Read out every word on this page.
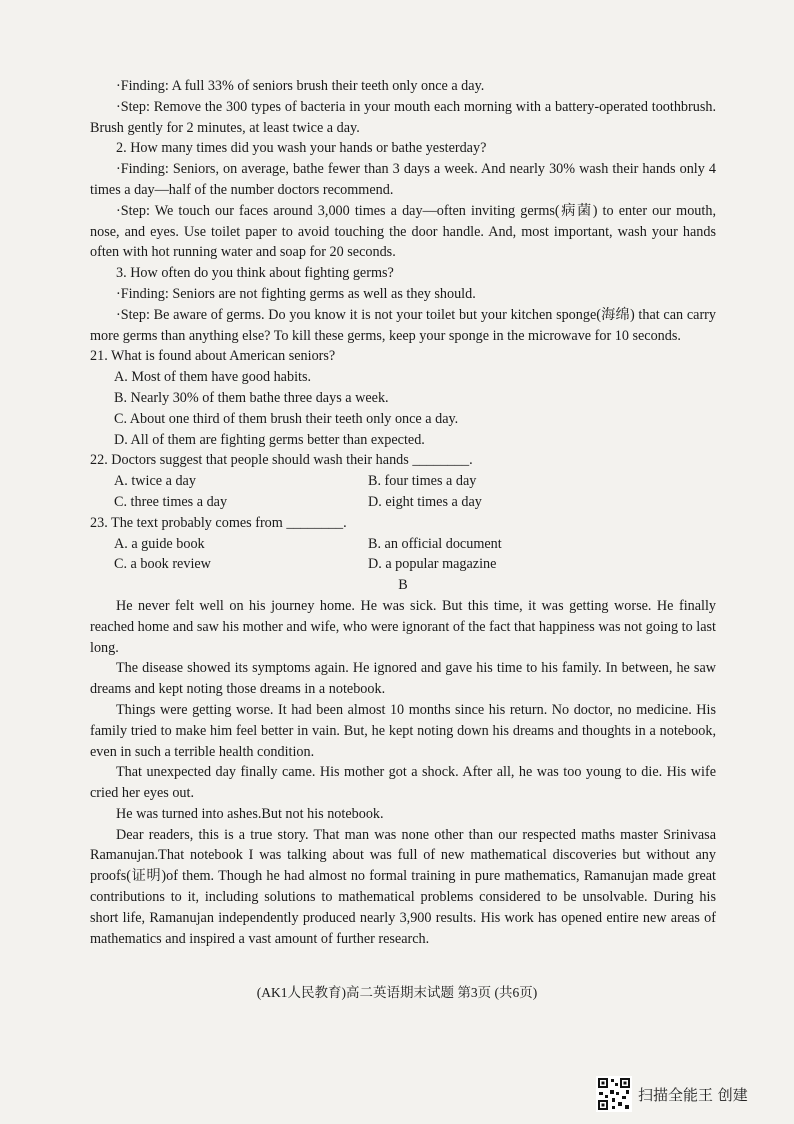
·Finding: A full 33% of seniors brush their teeth only once a day.

·Step: Remove the 300 types of bacteria in your mouth each morning with a battery-operated toothbrush. Brush gently for 2 minutes, at least twice a day.

2. How many times did you wash your hands or bathe yesterday?

·Finding: Seniors, on average, bathe fewer than 3 days a week. And nearly 30% wash their hands only 4 times a day—half of the number doctors recommend.

·Step: We touch our faces around 3,000 times a day—often inviting germs(病菌) to enter our mouth, nose, and eyes. Use toilet paper to avoid touching the door handle. And, most important, wash your hands often with hot running water and soap for 20 seconds.

3. How often do you think about fighting germs?

·Finding: Seniors are not fighting germs as well as they should.

·Step: Be aware of germs. Do you know it is not your toilet but your kitchen sponge(海绵) that can carry more germs than anything else? To kill these germs, keep your sponge in the microwave for 10 seconds.

21. What is found about American seniors?

A. Most of them have good habits.

B. Nearly 30% of them bathe three days a week.

C. About one third of them brush their teeth only once a day.

D. All of them are fighting germs better than expected.

22. Doctors suggest that people should wash their hands ________.

A. twice a day	B. four times a day
C. three times a day	D. eight times a day

23. The text probably comes from ________.

A. a guide book	B. an official document
C. a book review	D. a popular magazine

B

He never felt well on his journey home. He was sick. But this time, it was getting worse. He finally reached home and saw his mother and wife, who were ignorant of the fact that happiness was not going to last long.

The disease showed its symptoms again. He ignored and gave his time to his family. In between, he saw dreams and kept noting those dreams in a notebook.

Things were getting worse. It had been almost 10 months since his return. No doctor, no medicine. His family tried to make him feel better in vain. But, he kept noting down his dreams and thoughts in a notebook, even in such a terrible health condition.

That unexpected day finally came. His mother got a shock. After all, he was too young to die. His wife cried her eyes out.

He was turned into ashes.But not his notebook.

Dear readers, this is a true story. That man was none other than our respected maths master Srinivasa Ramanujan.That notebook I was talking about was full of new mathematical discoveries but without any proofs(证明)of them. Though he had almost no formal training in pure mathematics, Ramanujan made great contributions to it, including solutions to mathematical problems considered to be unsolvable. During his short life, Ramanujan independently produced nearly 3,900 results. His work has opened entire new areas of mathematics and inspired a vast amount of further research.

(AK1人民教育)高二英语期末试题 第3页 (共6页)
扫描全能王 创建
